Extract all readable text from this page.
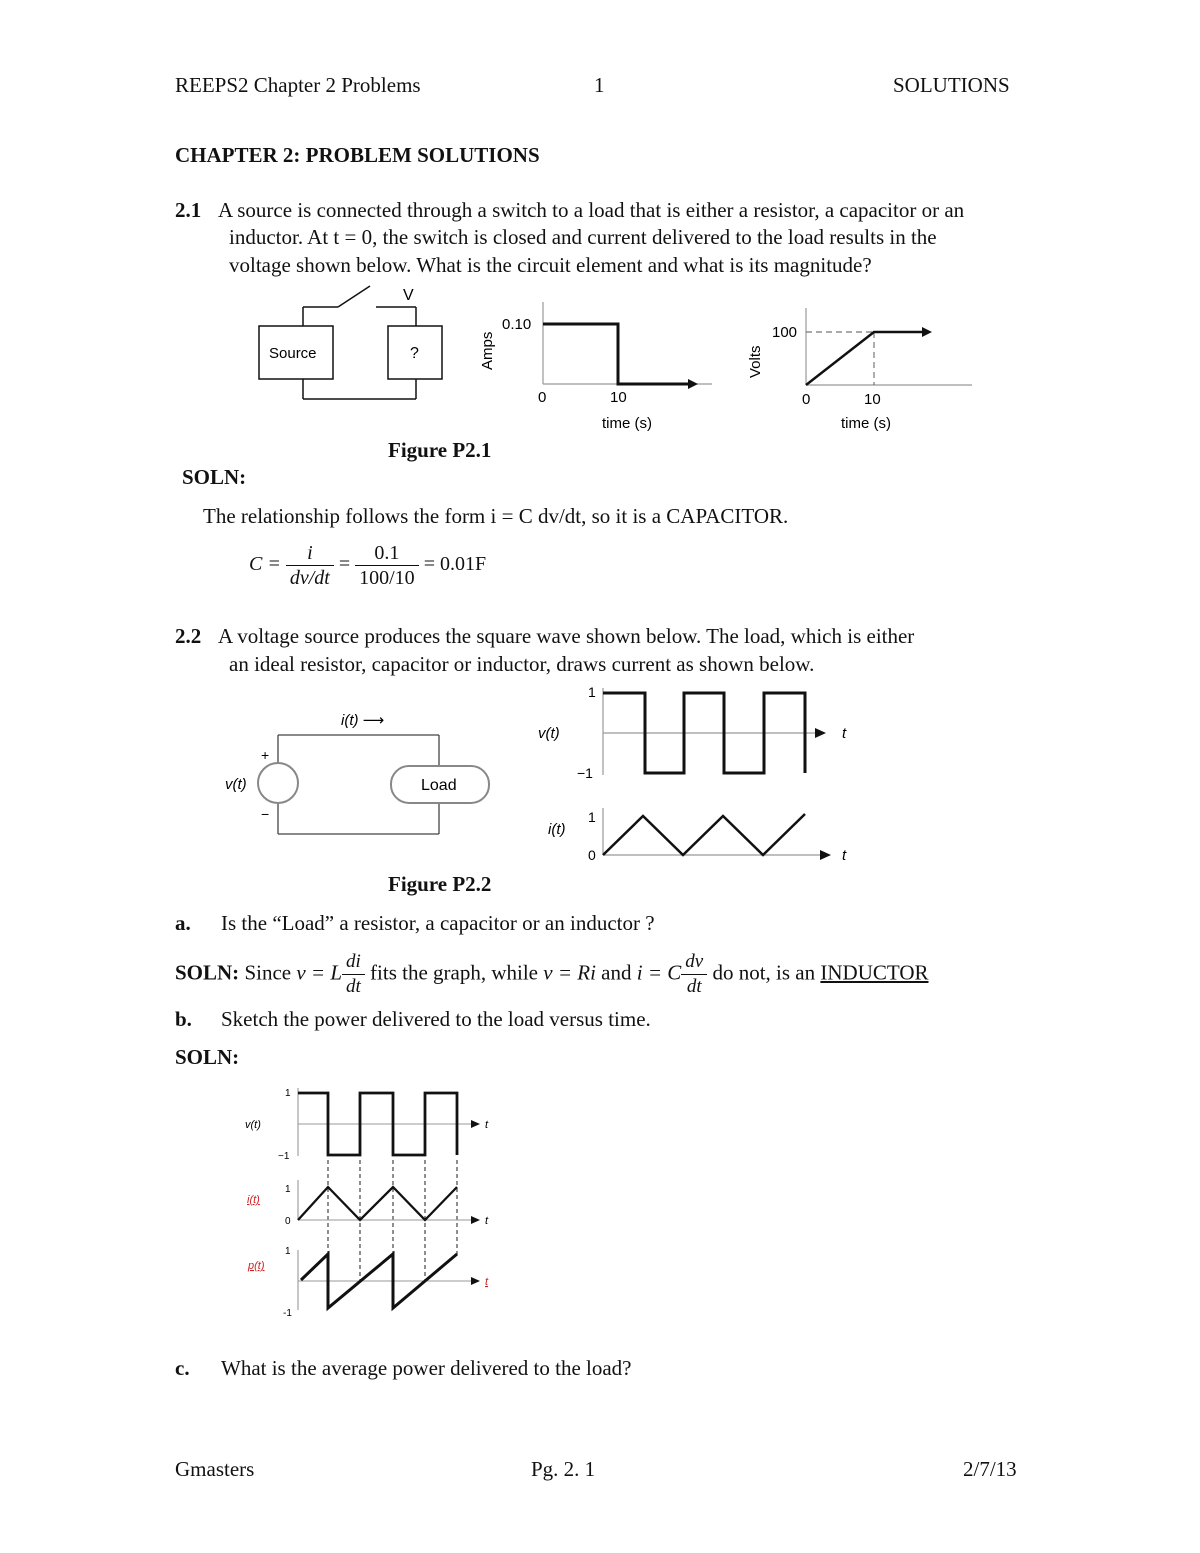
REEPS2 Chapter 2 Problems	1	SOLUTIONS
CHAPTER 2: PROBLEM SOLUTIONS
2.1 A source is connected through a switch to a load that is either a resistor, a capacitor or an
inductor. At t = 0, the switch is closed and current delivered to the load results in the
voltage shown below. What is the circuit element and what is its magnitude?
Source	?
V
Amps
0.10
0	10
time (s)
Volts
100
0	10
time (s)
Figure P2.1
SOLN:
The relationship follows the form i = C dv/dt, so it is a CAPACITOR.
$C = \frac{i}{dv/dt} = \frac{0.1}{100/10} = 0.01F$
2.2 A voltage source produces the square wave shown below. The load, which is either
an ideal resistor, capacitor or inductor, draws current as shown below.
i(t) ⟶
+
−
v(t)	Load
1
−1
v(t)	t
1
0
i(t)
t
Figure P2.2
a. Is the “Load” a resistor, a capacitor or an inductor ?
SOLN: Since v = L $\frac{di}{dt}$ fits the graph, while v = Ri and i = C $\frac{dv}{dt}$ do not, is an INDUCTOR
b. Sketch the power delivered to the load versus time.
SOLN:
1
−1
v(t)	t
1
0
i(t)
t
1
-1
p(t)
t
c. What is the average power delivered to the load?
Gmasters	Pg. 2. 1	2/7/13
